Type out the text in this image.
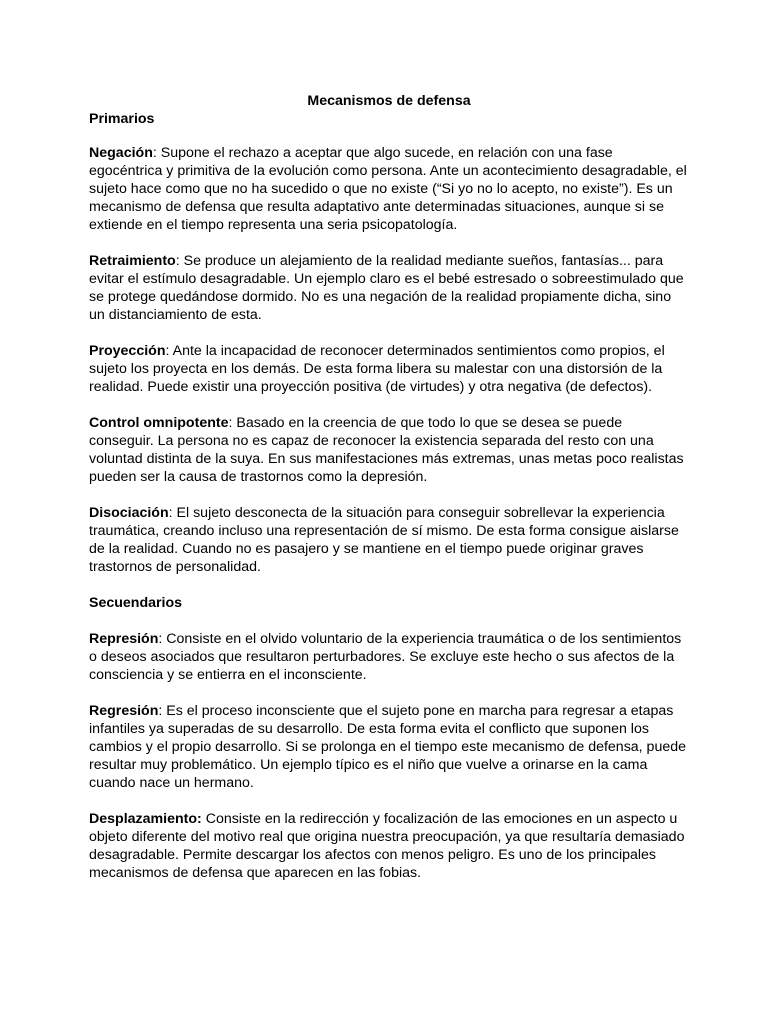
Mecanismos de defensa

Primarios

Negación: Supone el rechazo a aceptar que algo sucede, en relación con una fase egocéntrica y primitiva de la evolución como persona. Ante un acontecimiento desagradable, el sujeto hace como que no ha sucedido o que no existe (“Si yo no lo acepto, no existe”). Es un mecanismo de defensa que resulta adaptativo ante determinadas situaciones, aunque si se extiende en el tiempo representa una seria psicopatología.

Retraimiento: Se produce un alejamiento de la realidad mediante sueños, fantasías... para evitar el estímulo desagradable. Un ejemplo claro es el bebé estresado o sobreestimulado que se protege quedándose dormido. No es una negación de la realidad propiamente dicha, sino un distanciamiento de esta.

Proyección: Ante la incapacidad de reconocer determinados sentimientos como propios, el sujeto los proyecta en los demás. De esta forma libera su malestar con una distorsión de la realidad. Puede existir una proyección positiva (de virtudes) y otra negativa (de defectos).

Control omnipotente: Basado en la creencia de que todo lo que se desea se puede conseguir. La persona no es capaz de reconocer la existencia separada del resto con una voluntad distinta de la suya. En sus manifestaciones más extremas, unas metas poco realistas pueden ser la causa de trastornos como la depresión.

Disociación: El sujeto desconecta de la situación para conseguir sobrellevar la experiencia traumática, creando incluso una representación de sí mismo. De esta forma consigue aislarse de la realidad. Cuando no es pasajero y se mantiene en el tiempo puede originar graves trastornos de personalidad.

Secuendarios

Represión: Consiste en el olvido voluntario de la experiencia traumática o de los sentimientos o deseos asociados que resultaron perturbadores. Se excluye este hecho o sus afectos de la consciencia y se entierra en el inconsciente.

Regresión: Es el proceso inconsciente que el sujeto pone en marcha para regresar a etapas infantiles ya superadas de su desarrollo. De esta forma evita el conflicto que suponen los cambios y el propio desarrollo. Si se prolonga en el tiempo este mecanismo de defensa, puede resultar muy problemático. Un ejemplo típico es el niño que vuelve a orinarse en la cama cuando nace un hermano.

Desplazamiento: Consiste en la redirección y focalización de las emociones en un aspecto u objeto diferente del motivo real que origina nuestra preocupación, ya que resultaría demasiado desagradable. Permite descargar los afectos con menos peligro. Es uno de los principales mecanismos de defensa que aparecen en las fobias.
